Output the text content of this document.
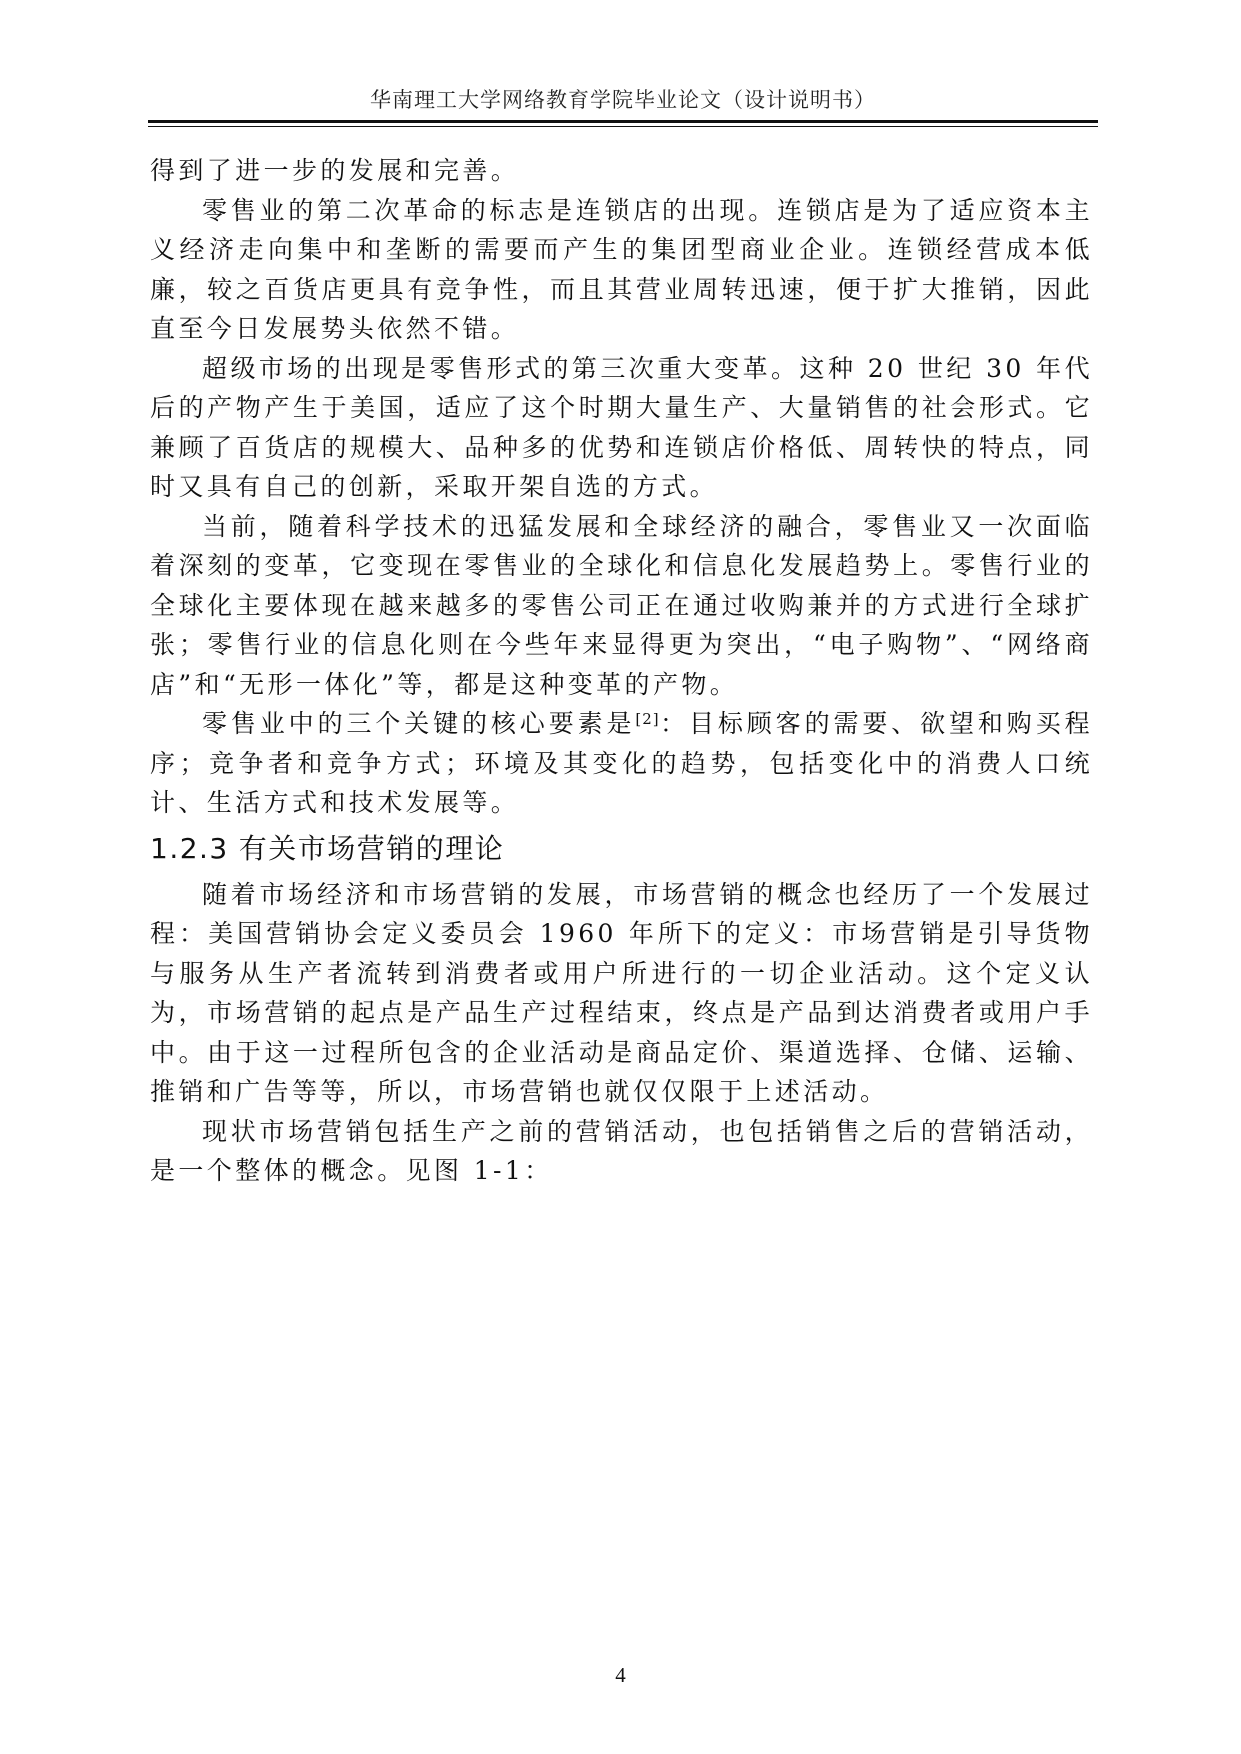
华南理工大学网络教育学院毕业论文（设计说明书）

得到了进一步的发展和完善。

零售业的第二次革命的标志是连锁店的出现。连锁店是为了适应资本主义经济走向集中和垄断的需要而产生的集团型商业企业。连锁经营成本低廉，较之百货店更具有竞争性，而且其营业周转迅速，便于扩大推销，因此直至今日发展势头依然不错。

超级市场的出现是零售形式的第三次重大变革。这种 20 世纪 30 年代后的产物产生于美国，适应了这个时期大量生产、大量销售的社会形式。它兼顾了百货店的规模大、品种多的优势和连锁店价格低、周转快的特点，同时又具有自己的创新，采取开架自选的方式。

当前，随着科学技术的迅猛发展和全球经济的融合，零售业又一次面临着深刻的变革，它变现在零售业的全球化和信息化发展趋势上。零售行业的全球化主要体现在越来越多的零售公司正在通过收购兼并的方式进行全球扩张；零售行业的信息化则在今些年来显得更为突出，“电子购物”、“网络商店”和“无形一体化”等，都是这种变革的产物。

零售业中的三个关键的核心要素是[2]：目标顾客的需要、欲望和购买程序；竞争者和竞争方式；环境及其变化的趋势，包括变化中的消费人口统计、生活方式和技术发展等。

1.2.3 有关市场营销的理论

随着市场经济和市场营销的发展，市场营销的概念也经历了一个发展过程：美国营销协会定义委员会 1960 年所下的定义：市场营销是引导货物与服务从生产者流转到消费者或用户所进行的一切企业活动。这个定义认为，市场营销的起点是产品生产过程结束，终点是产品到达消费者或用户手中。由于这一过程所包含的企业活动是商品定价、渠道选择、仓储、运输、推销和广告等等，所以，市场营销也就仅仅限于上述活动。

现状市场营销包括生产之前的营销活动，也包括销售之后的营销活动，是一个整体的概念。见图 1-1：

4
